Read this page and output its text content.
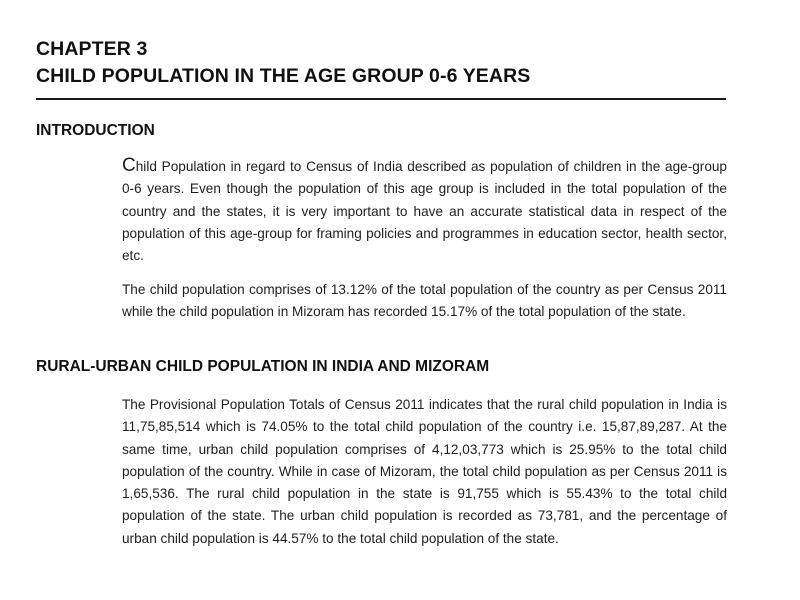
CHAPTER 3
CHILD POPULATION IN THE AGE GROUP 0-6 YEARS
INTRODUCTION

Child Population in regard to Census of India described as population of children in the age-group 0-6 years. Even though the population of this age group is included in the total population of the country and the states, it is very important to have an accurate statistical data in respect of the population of this age-group for framing policies and programmes in education sector, health sector, etc.

The child population comprises of 13.12% of the total population of the country as per Census 2011 while the child population in Mizoram has recorded 15.17% of the total population of the state.

RURAL-URBAN CHILD POPULATION IN INDIA AND MIZORAM

The Provisional Population Totals of Census 2011 indicates that the rural child population in India is 11,75,85,514 which is 74.05% to the total child population of the country i.e. 15,87,89,287. At the same time, urban child population comprises of 4,12,03,773 which is 25.95% to the total child population of the country. While in case of Mizoram, the total child population as per Census 2011 is 1,65,536. The rural child population in the state is 91,755 which is 55.43% to the total child population of the state. The urban child population is recorded as 73,781, and the percentage of urban child population is 44.57% to the total child population of the state.
